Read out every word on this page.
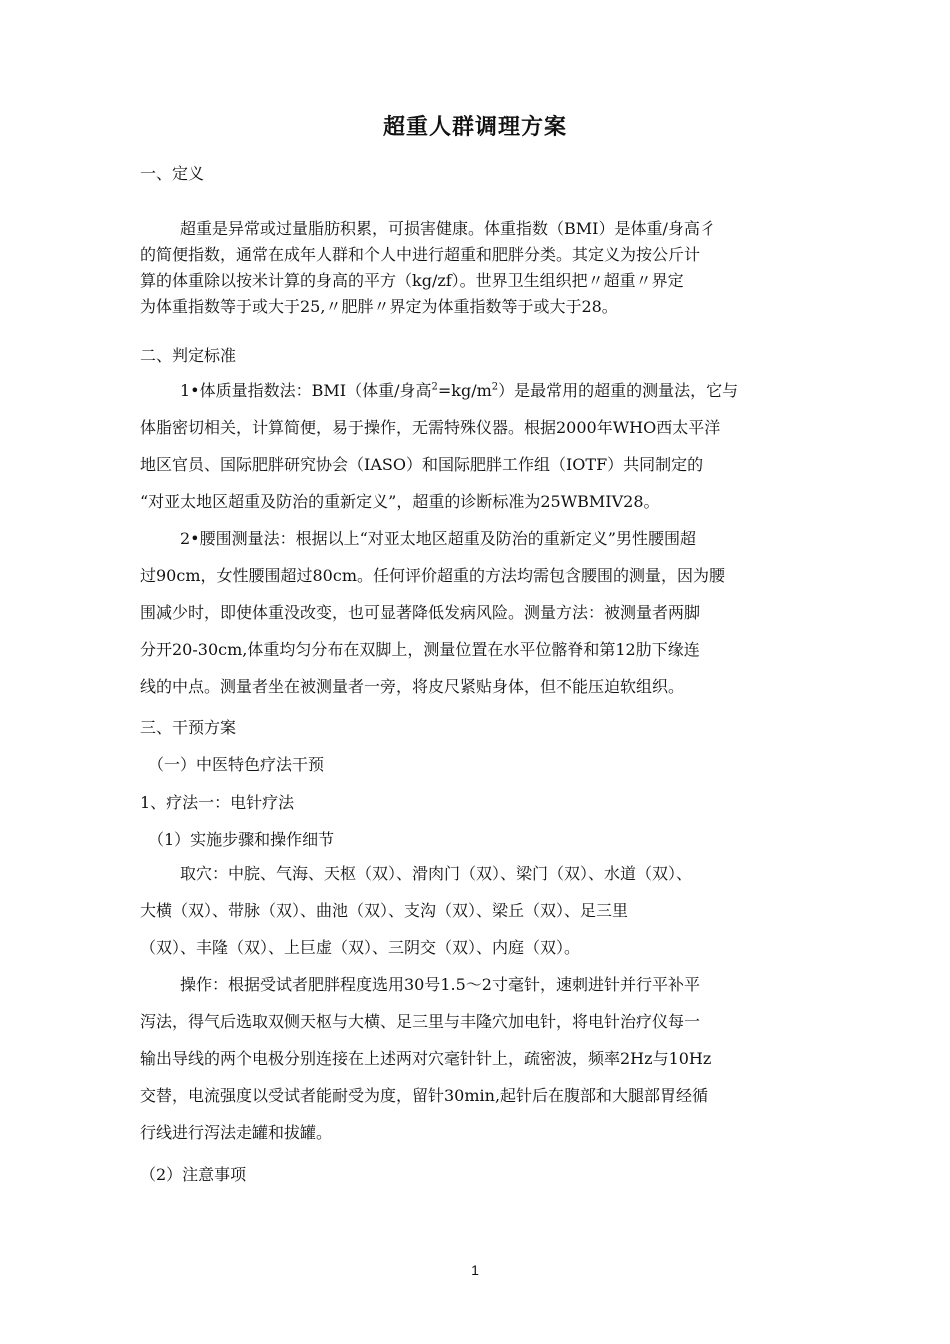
超重人群调理方案
一、定义
超重是异常或过量脂肪积累，可损害健康。体重指数（BMI）是体重/身高彳
的简便指数，通常在成年人群和个人中进行超重和肥胖分类。其定义为按公斤计
算的体重除以按米计算的身高的平方（kg/zf）。世界卫生组织把〃超重〃界定
为体重指数等于或大于25,〃肥胖〃界定为体重指数等于或大于28。
二、判定标准
1•体质量指数法：BMI（体重/身高$^2=kg/m^2$）是最常用的超重的测量法，它与
体脂密切相关，计算简便，易于操作，无需特殊仪器。根据2000年WHO西太平洋
地区官员、国际肥胖研究协会（IASO）和国际肥胖工作组（IOTF）共同制定的
“对亚太地区超重及防治的重新定义”，超重的诊断标准为25WBMIV28。
2•腰围测量法：根据以上“对亚太地区超重及防治的重新定义”男性腰围超
过90cm，女性腰围超过80cm。任何评价超重的方法均需包含腰围的测量，因为腰
围减少时，即使体重没改变，也可显著降低发病风险。测量方法：被测量者两脚
分开20-30cm,体重均匀分布在双脚上，测量位置在水平位髂脊和第12肋下缘连
线的中点。测量者坐在被测量者一旁，将皮尺紧贴身体，但不能压迫软组织。
三、干预方案
（一）中医特色疗法干预
1、疗法一：电针疗法
（1）实施步骤和操作细节
取穴：中脘、气海、天枢（双）、滑肉门（双）、梁门（双）、水道（双）、
大横（双）、带脉（双）、曲池（双）、支沟（双）、梁丘（双）、足三里
（双）、丰隆（双）、上巨虚（双）、三阴交（双）、内庭（双）。
操作：根据受试者肥胖程度选用30号1.5〜2寸毫针，速刺进针并行平补平
泻法，得气后选取双侧天枢与大横、足三里与丰隆穴加电针，将电针治疗仪每一
输出导线的两个电极分别连接在上述两对穴毫针针上，疏密波，频率2Hz与10Hz
交替，电流强度以受试者能耐受为度，留针30min,起针后在腹部和大腿部胃经循
行线进行泻法走罐和拔罐。
（2）注意事项
1
